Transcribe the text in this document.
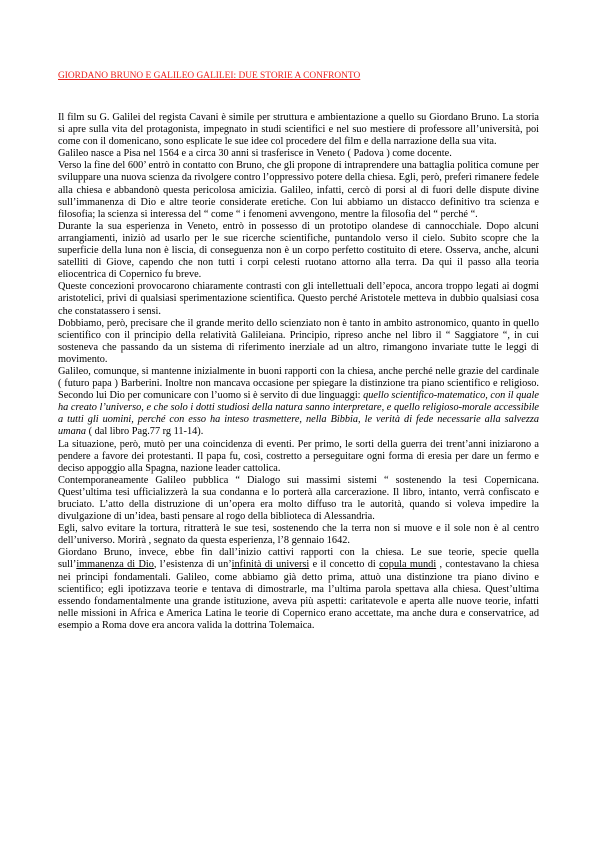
GIORDANO BRUNO E GALILEO GALILEI: DUE STORIE A CONFRONTO

Il film su G. Galilei del regista Cavani è simile per struttura e ambientazione a quello su Giordano Bruno. La storia si apre sulla vita del protagonista, impegnato in studi scientifici e nel suo mestiere di professore all’università, poi come con il domenicano, sono esplicate le sue idee col procedere del film e della narrazione della sua vita.

Galileo nasce a Pisa nel 1564 e a circa 30 anni si trasferisce in Veneto ( Padova ) come docente.

Verso la fine del 600’ entrò in contatto con Bruno, che gli propone di intraprendere una battaglia politica comune per sviluppare una nuova scienza da rivolgere contro l’oppressivo potere della chiesa. Egli, però, preferì rimanere fedele alla chiesa e abbandonò questa pericolosa amicizia. Galileo, infatti, cercò di porsi al di fuori delle dispute divine sull’immanenza di Dio e altre teorie considerate eretiche. Con lui abbiamo un distacco definitivo tra scienza e filosofia; la scienza si interessa del “ come “ i fenomeni avvengono, mentre la filosofia del “ perché “.

Durante la sua esperienza in Veneto, entrò in possesso di un prototipo olandese di cannocchiale. Dopo alcuni arrangiamenti, iniziò ad usarlo per le sue ricerche scientifiche, puntandolo verso il cielo. Subito scopre che la superficie della luna non è liscia, di conseguenza non è un corpo perfetto costituito di etere. Osserva, anche, alcuni satelliti di Giove, capendo che non tutti i corpi celesti ruotano attorno alla terra. Da qui il passo alla teoria eliocentrica di Copernico fu breve.

Queste concezioni provocarono chiaramente contrasti con gli intellettuali dell’epoca, ancora troppo legati ai dogmi aristotelici, privi di qualsiasi sperimentazione scientifica. Questo perché Aristotele metteva in dubbio qualsiasi cosa che constatassero i sensi.

Dobbiamo, però, precisare che il grande merito dello scienziato non è tanto in ambito astronomico, quanto in quello scientifico con il principio della relatività Galileiana. Principio, ripreso anche nel libro il “ Saggiatore “, in cui sosteneva che passando da un sistema di riferimento inerziale ad un altro, rimangono invariate tutte le leggi di movimento.

Galileo, comunque, si mantenne inizialmente in buoni rapporti con la chiesa, anche perché nelle grazie del cardinale ( futuro papa ) Barberini. Inoltre non mancava occasione per spiegare la distinzione tra piano scientifico e religioso. Secondo lui Dio per comunicare con l’uomo si è servito di due linguaggi: quello scientifico-matematico, con il quale ha creato l’universo, e che solo i dotti studiosi della natura sanno interpretare, e quello religioso-morale accessibile a tutti gli uomini, perché con esso ha inteso trasmettere, nella Bibbia, le verità di fede necessarie alla salvezza umana ( dal libro Pag.77 rg 11-14).

La situazione, però, mutò per una coincidenza di eventi. Per primo, le sorti della guerra dei trent’anni iniziarono a pendere a favore dei protestanti. Il papa fu, così, costretto a perseguitare ogni forma di eresia per dare un fermo e deciso appoggio alla Spagna, nazione leader cattolica.

Contemporaneamente Galileo pubblica “ Dialogo sui massimi sistemi “ sostenendo la tesi Copernicana. Quest’ultima tesi ufficializzerà la sua condanna e lo porterà alla carcerazione. Il libro, intanto, verrà confiscato e bruciato. L’atto della distruzione di un’opera era molto diffuso tra le autorità, quando si voleva impedire la divulgazione di un’idea, basti pensare al rogo della biblioteca di Alessandria.

Egli, salvo evitare la tortura, ritratterà le sue tesi, sostenendo che la terra non si muove e il sole non è al centro dell’universo. Morirà , segnato da questa esperienza, l’8 gennaio 1642.

Giordano Bruno, invece, ebbe fin dall’inizio cattivi rapporti con la chiesa. Le sue teorie, specie quella sull’immanenza di Dio, l’esistenza di un’infinità di universi e il concetto di copula mundi , contestavano la chiesa nei principi fondamentali. Galileo, come abbiamo già detto prima, attuò una distinzione tra piano divino e scientifico; egli ipotizzava teorie e tentava di dimostrarle, ma l’ultima parola spettava alla chiesa. Quest’ultima essendo fondamentalmente una grande istituzione, aveva più aspetti: caritatevole e aperta alle nuove teorie, infatti nelle missioni in Africa e America Latina le teorie di Copernico erano accettate, ma anche dura e conservatrice, ad esempio a Roma dove era ancora valida la dottrina Tolemaica.
